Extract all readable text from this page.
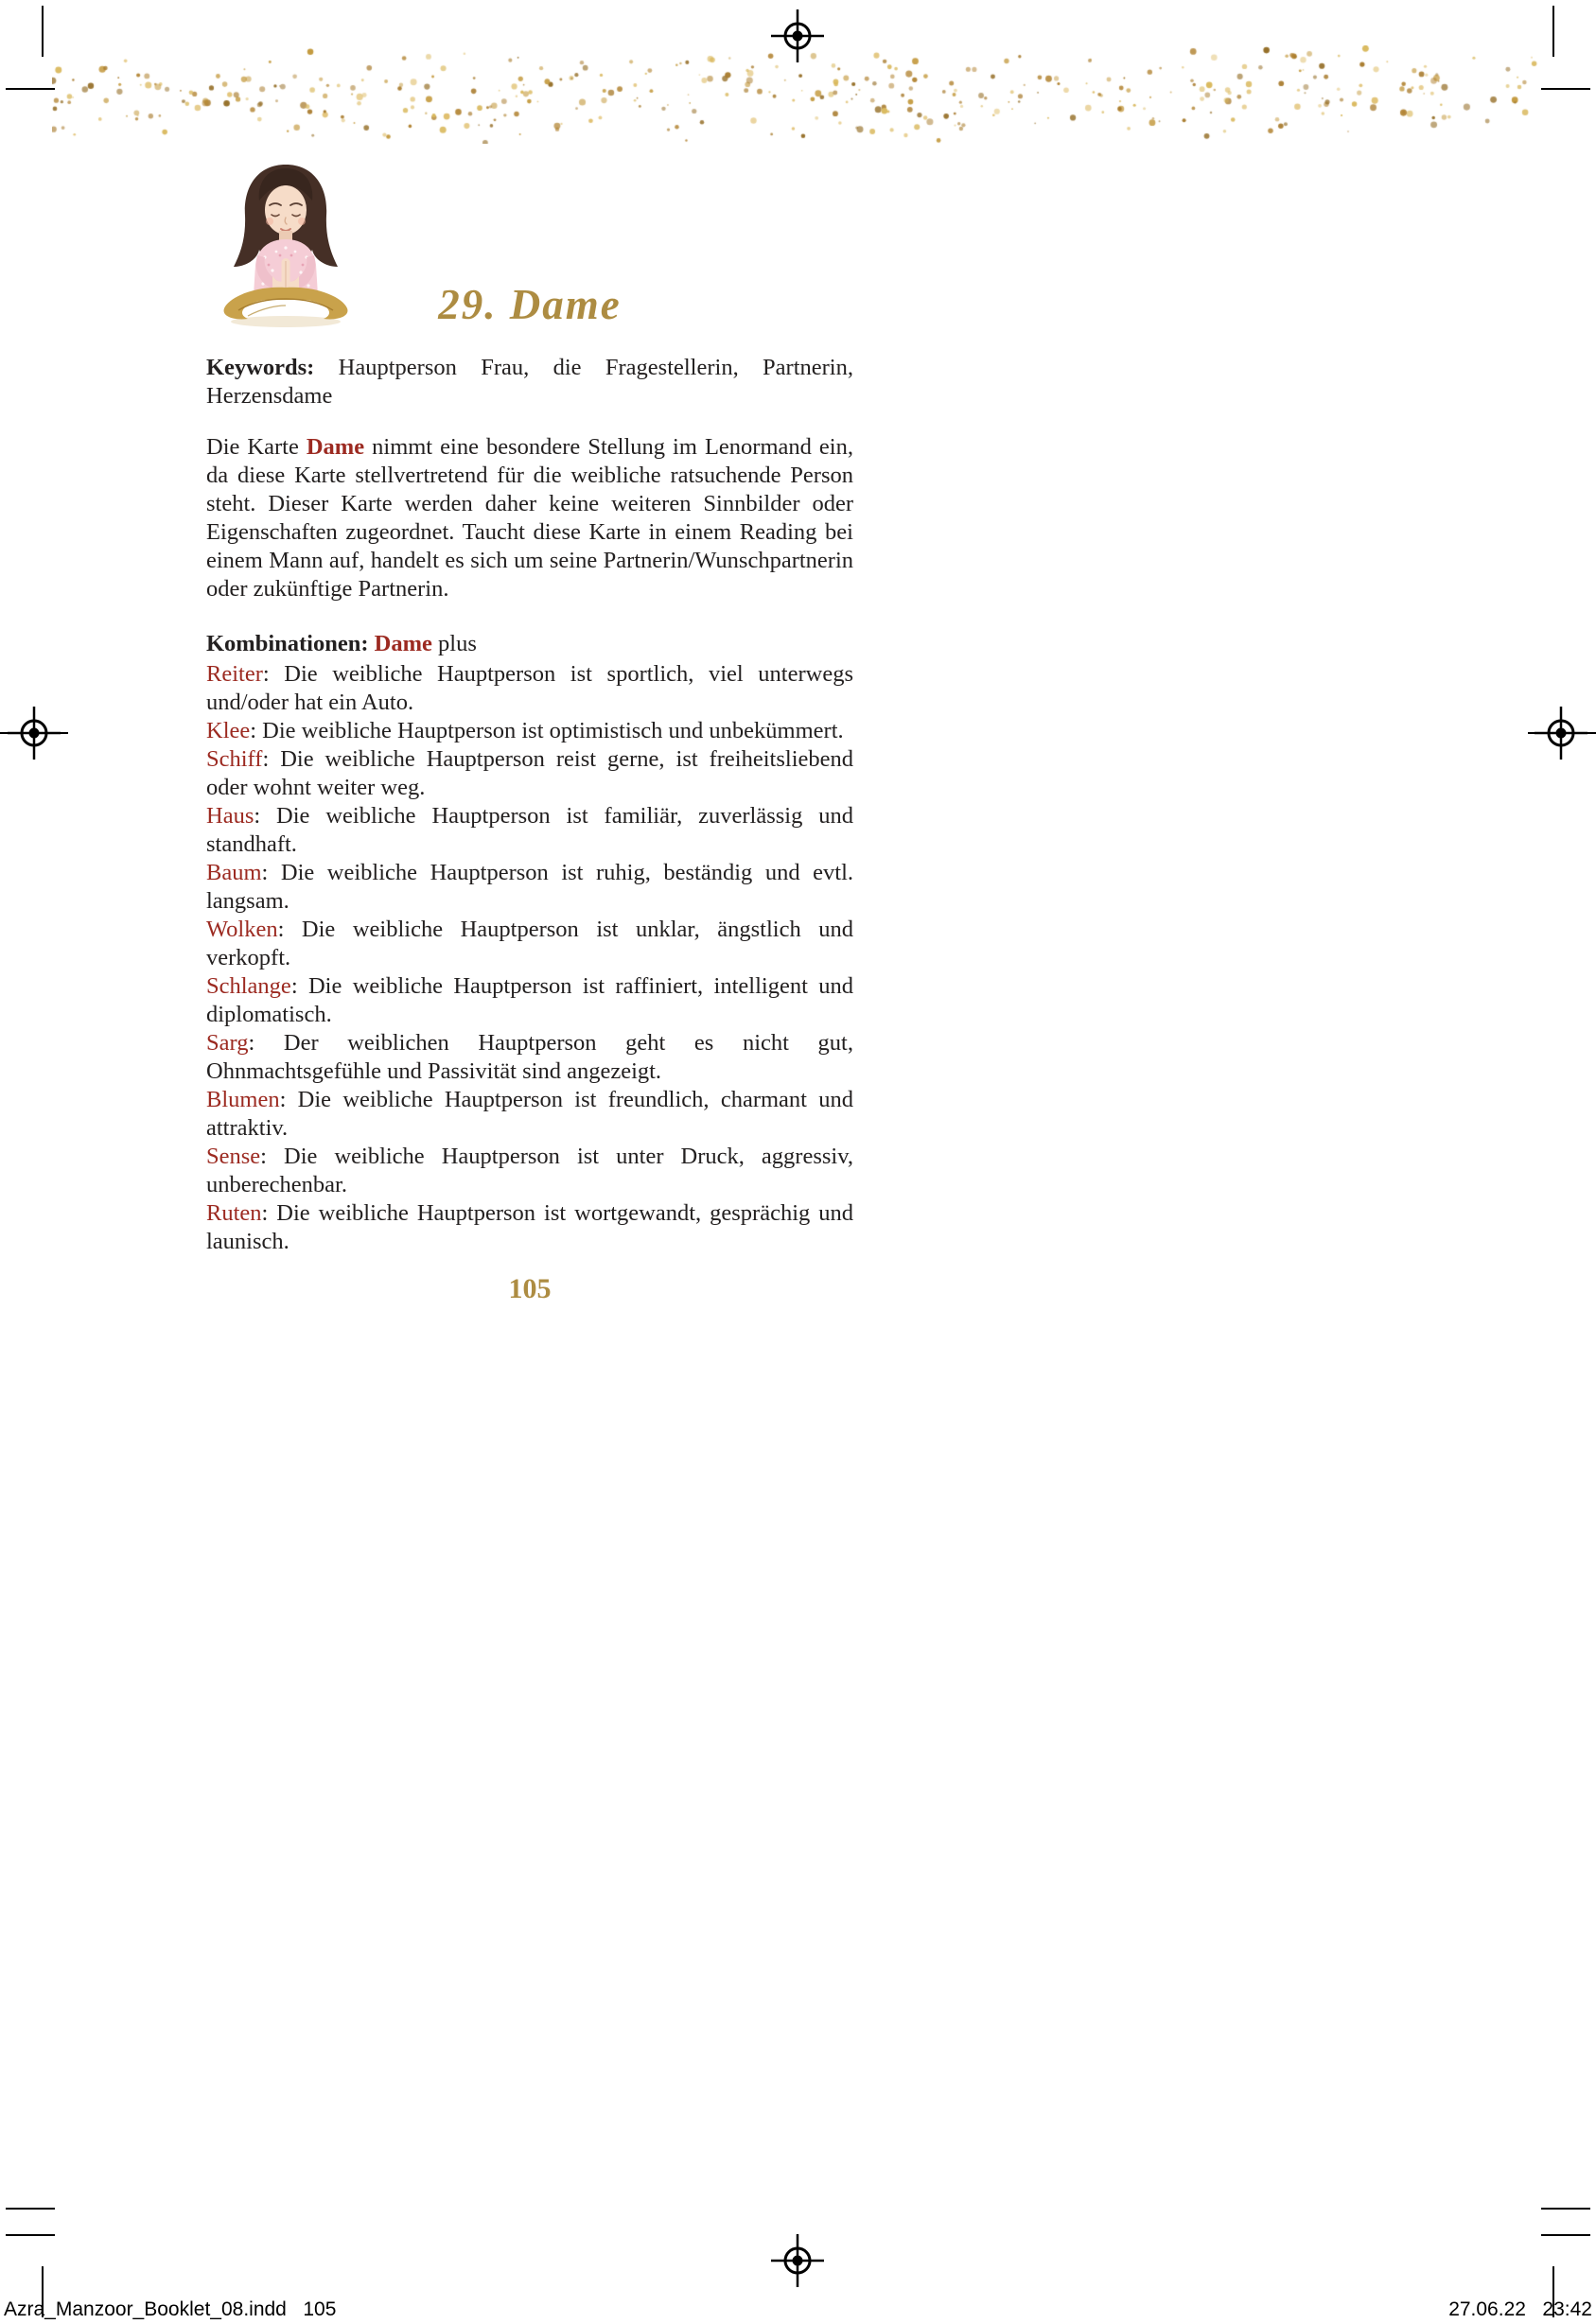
29. Dame

Keywords: Hauptperson Frau, die Fragestellerin, Partnerin, Herzensdame

Die Karte Dame nimmt eine besondere Stellung im Lenormand ein, da diese Karte stellvertretend für die weibliche ratsuchende Person steht. Dieser Karte werden daher keine weiteren Sinnbilder oder Eigenschaften zugeordnet. Taucht diese Karte in einem Reading bei einem Mann auf, handelt es sich um seine Partnerin/Wunschpartnerin oder zukünftige Partnerin.

Kombinationen: Dame plus

Reiter: Die weibliche Hauptperson ist sportlich, viel unterwegs und/oder hat ein Auto.

Klee: Die weibliche Hauptperson ist optimistisch und unbekümmert.

Schiff: Die weibliche Hauptperson reist gerne, ist freiheitsliebend oder wohnt weiter weg.

Haus: Die weibliche Hauptperson ist familiär, zuverlässig und standhaft.

Baum: Die weibliche Hauptperson ist ruhig, beständig und evtl. langsam.

Wolken: Die weibliche Hauptperson ist unklar, ängstlich und verkopft.

Schlange: Die weibliche Hauptperson ist raffiniert, intelligent und diplomatisch.

Sarg: Der weiblichen Hauptperson geht es nicht gut, Ohnmachtsgefühle und Passivität sind angezeigt.

Blumen: Die weibliche Hauptperson ist freundlich, charmant und attraktiv.

Sense: Die weibliche Hauptperson ist unter Druck, aggressiv, unberechenbar.

Ruten: Die weibliche Hauptperson ist wortgewandt, gesprächig und launisch.

105
Azra_Manzoor_Booklet_08.indd   105	27.06.22   23:42
